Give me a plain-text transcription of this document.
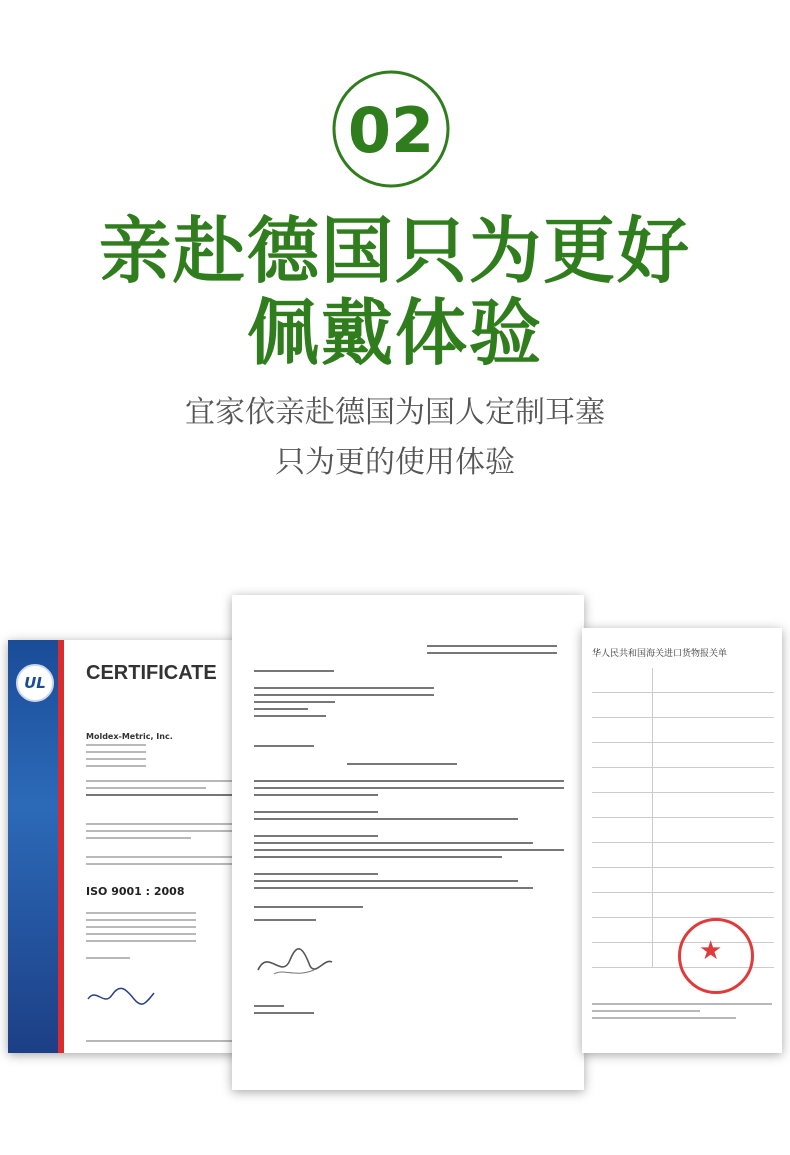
02
亲赴德国只为更好
佩戴体验
宜家依亲赴德国为国人定制耳塞
只为更的使用体验
UL	CERTIFICATE
Moldex-Metric, Inc.
ISO 9001 : 2008
华人民共和国海关进口货物报关单
★
